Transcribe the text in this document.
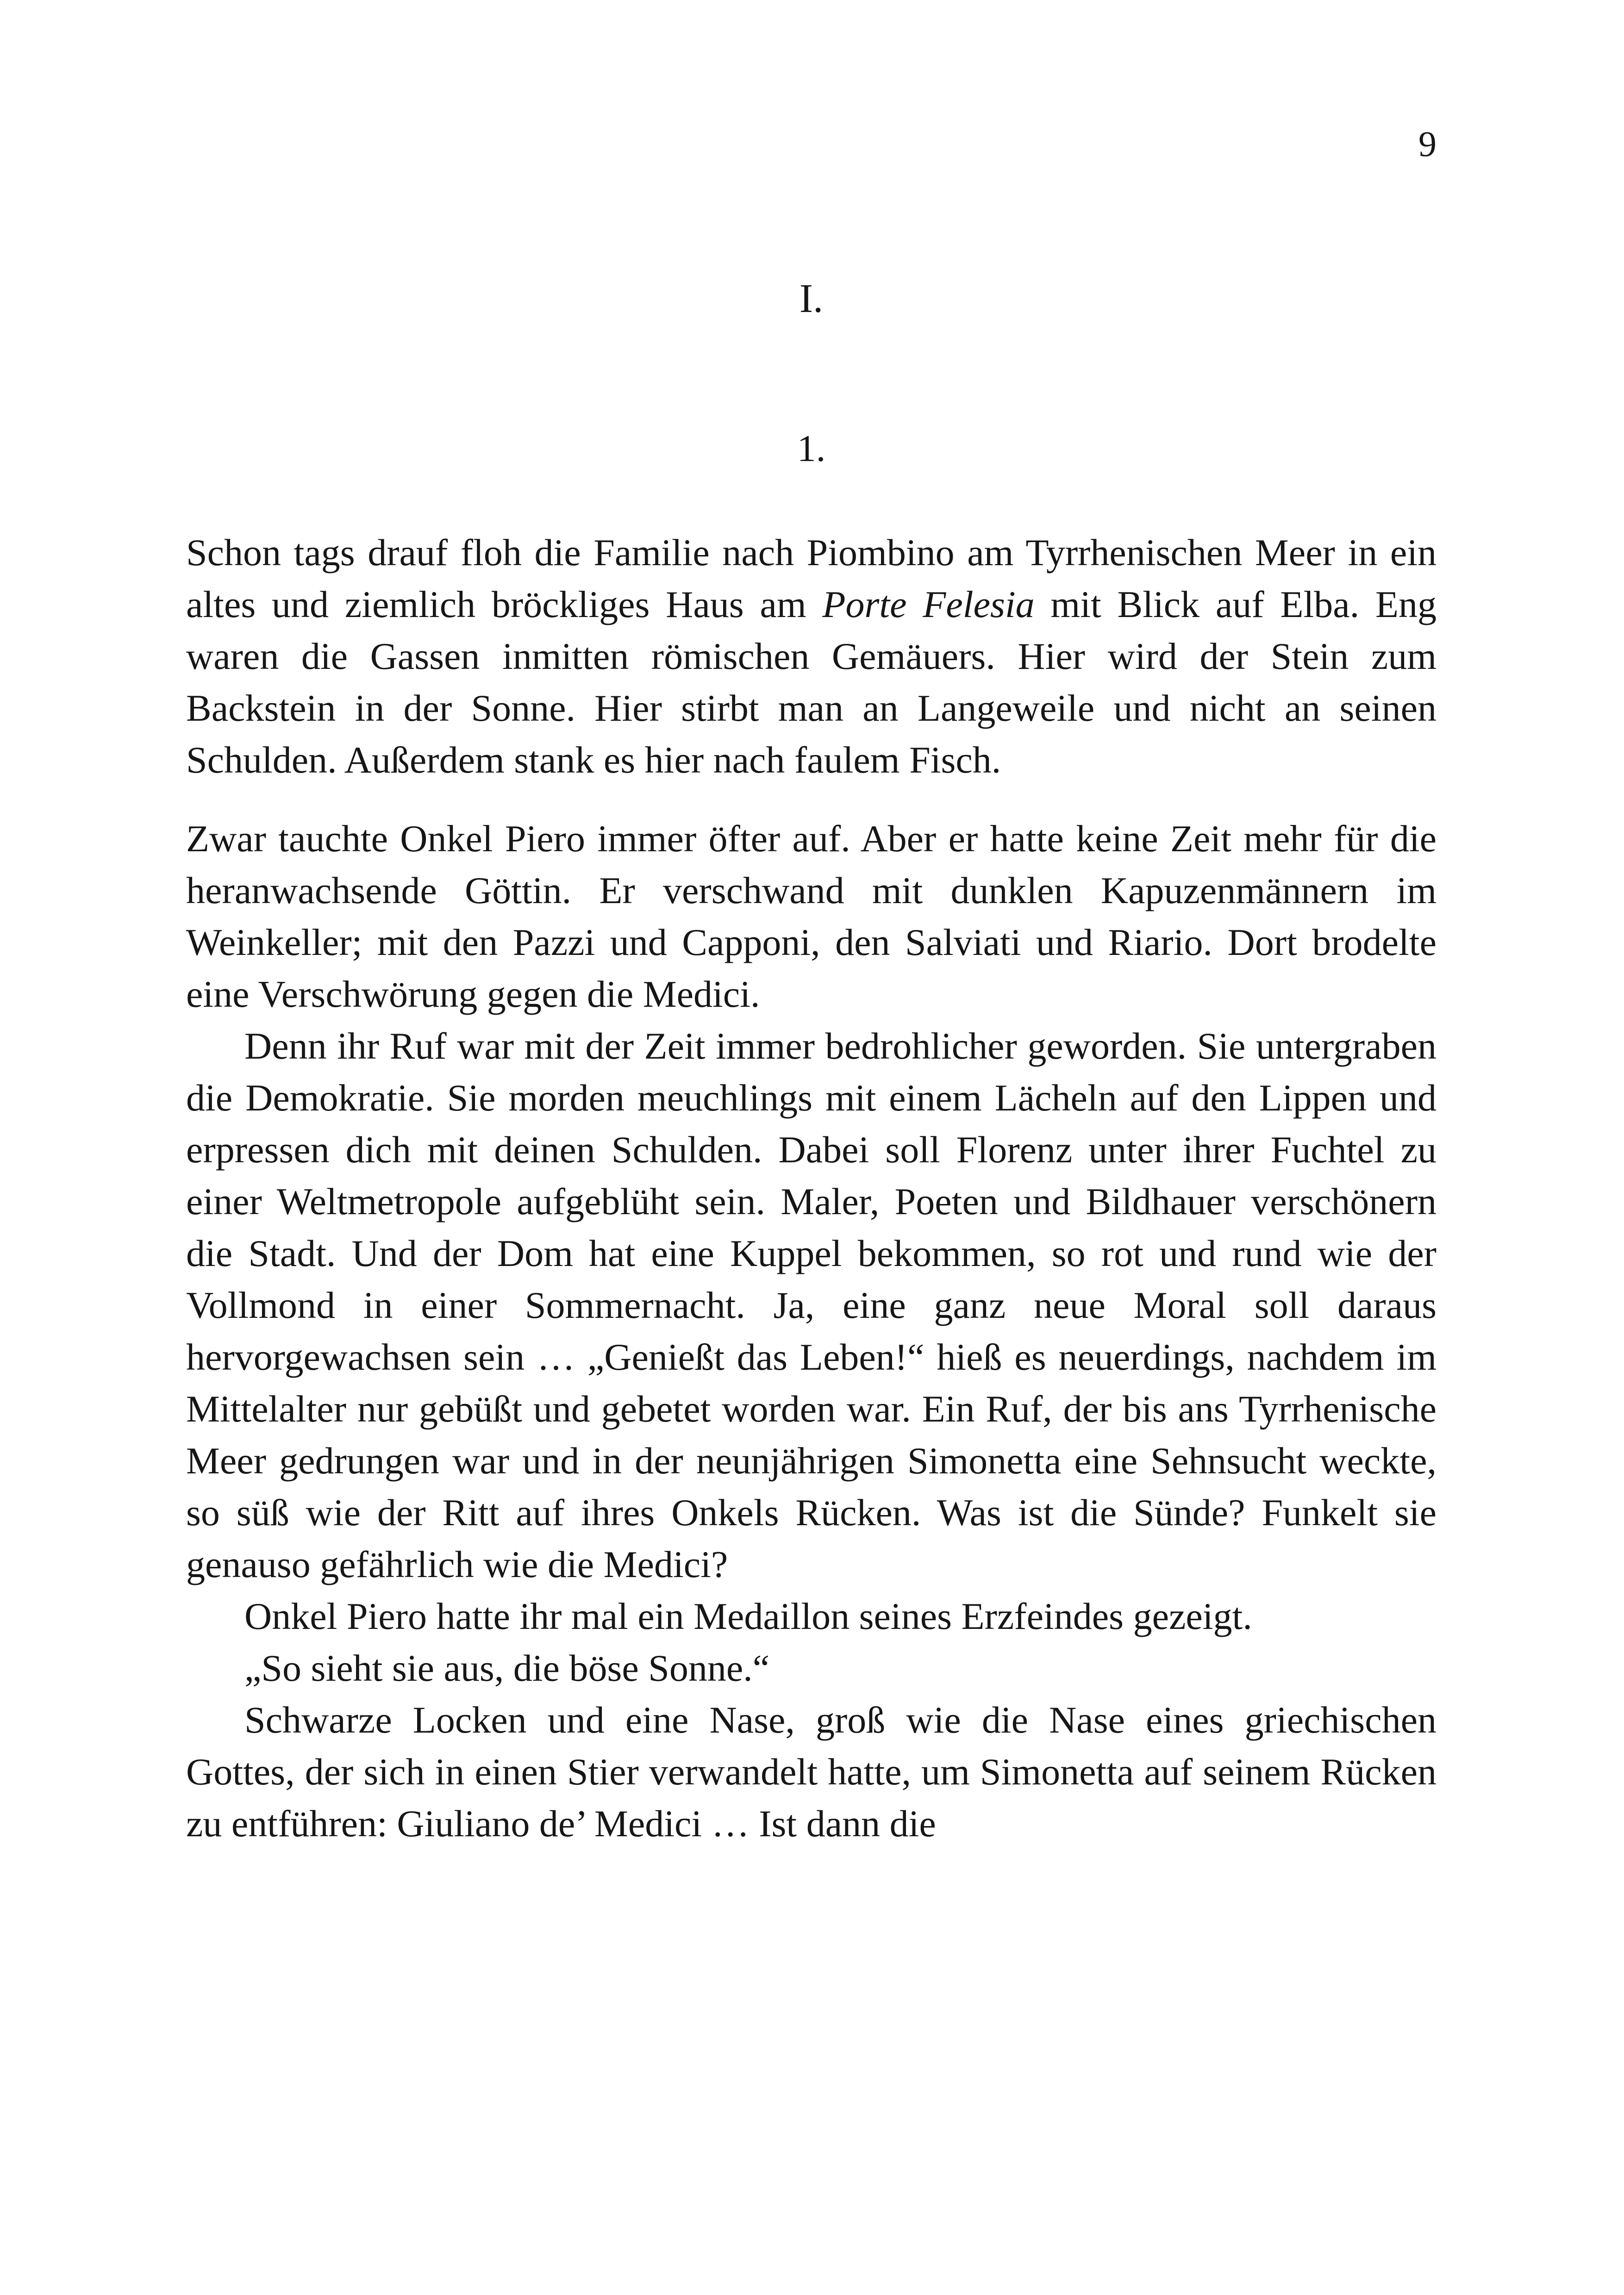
9
I.
1.

Schon tags drauf floh die Familie nach Piombino am Tyrrhenischen Meer in ein altes und ziemlich bröckliges Haus am Porte Felesia mit Blick auf Elba. Eng waren die Gassen inmitten römischen Gemäuers. Hier wird der Stein zum Backstein in der Sonne. Hier stirbt man an Langeweile und nicht an seinen Schulden. Außerdem stank es hier nach faulem Fisch.

Zwar tauchte Onkel Piero immer öfter auf. Aber er hatte keine Zeit mehr für die heranwachsende Göttin. Er verschwand mit dunklen Kapuzenmännern im Weinkeller; mit den Pazzi und Capponi, den Salviati und Riario. Dort brodelte eine Verschwörung gegen die Medici.

Denn ihr Ruf war mit der Zeit immer bedrohlicher geworden. Sie untergraben die Demokratie. Sie morden meuchlings mit einem Lächeln auf den Lippen und erpressen dich mit deinen Schulden. Dabei soll Florenz unter ihrer Fuchtel zu einer Weltmetropole aufgeblüht sein. Maler, Poeten und Bildhauer verschönern die Stadt. Und der Dom hat eine Kuppel bekommen, so rot und rund wie der Vollmond in einer Sommernacht. Ja, eine ganz neue Moral soll daraus hervorgewachsen sein … „Genießt das Leben!“ hieß es neuerdings, nachdem im Mittelalter nur gebüßt und gebetet worden war. Ein Ruf, der bis ans Tyrrhenische Meer gedrungen war und in der neunjährigen Simonetta eine Sehnsucht weckte, so süß wie der Ritt auf ihres Onkels Rücken. Was ist die Sünde? Funkelt sie genauso gefährlich wie die Medici?

Onkel Piero hatte ihr mal ein Medaillon seines Erzfeindes gezeigt.

„So sieht sie aus, die böse Sonne.“

Schwarze Locken und eine Nase, groß wie die Nase eines griechischen Gottes, der sich in einen Stier verwandelt hatte, um Simonetta auf seinem Rücken zu entführen: Giuliano de’ Medici … Ist dann die
